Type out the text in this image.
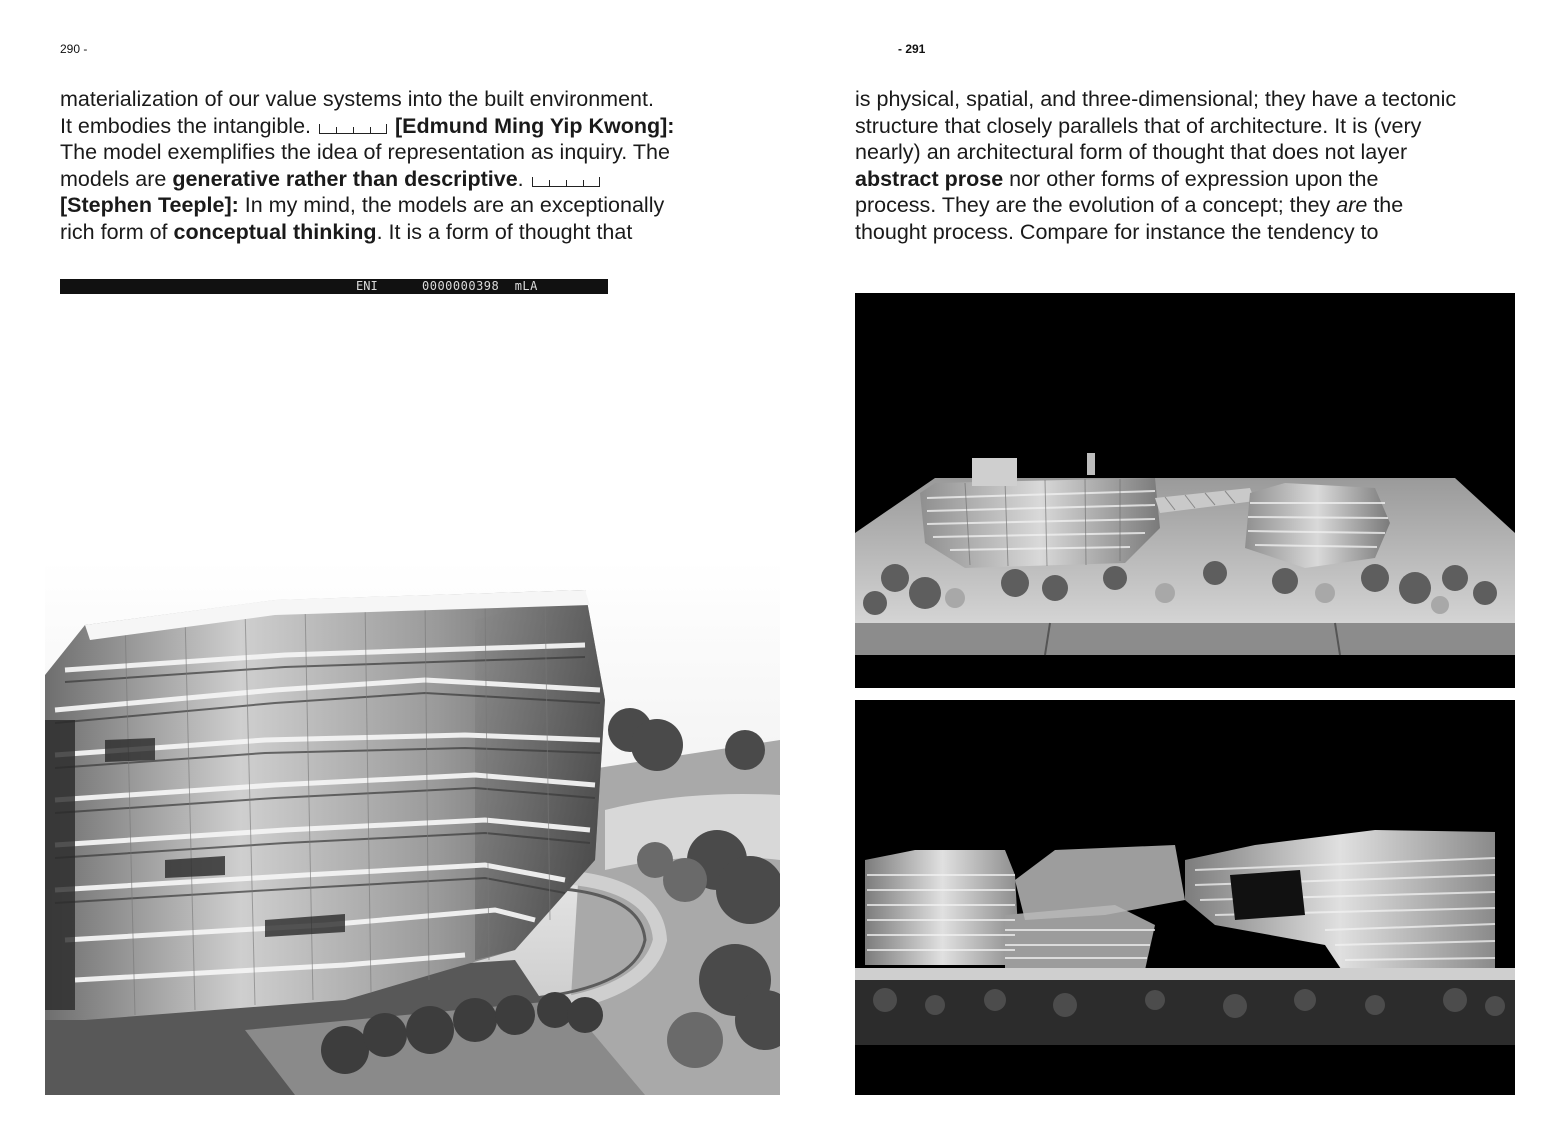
290 -
materialization of our value systems into the built environment.
It embodies the intangible.	[Edmund Ming Yip Kwong]:
The model exemplifies the idea of representation as inquiry. The
models are generative rather than descriptive.
[Stephen Teeple]: In my mind, the models are an exceptionally
rich form of conceptual thinking. It is a form of thought that
ENI	0000000398 mLA
- 291
is physical, spatial, and three-dimensional; they have a tectonic
structure that closely parallels that of architecture. It is (very
nearly) an architectural form of thought that does not layer
abstract prose nor other forms of expression upon the
process. They are the evolution of a concept; they are the
thought process. Compare for instance the tendency to
